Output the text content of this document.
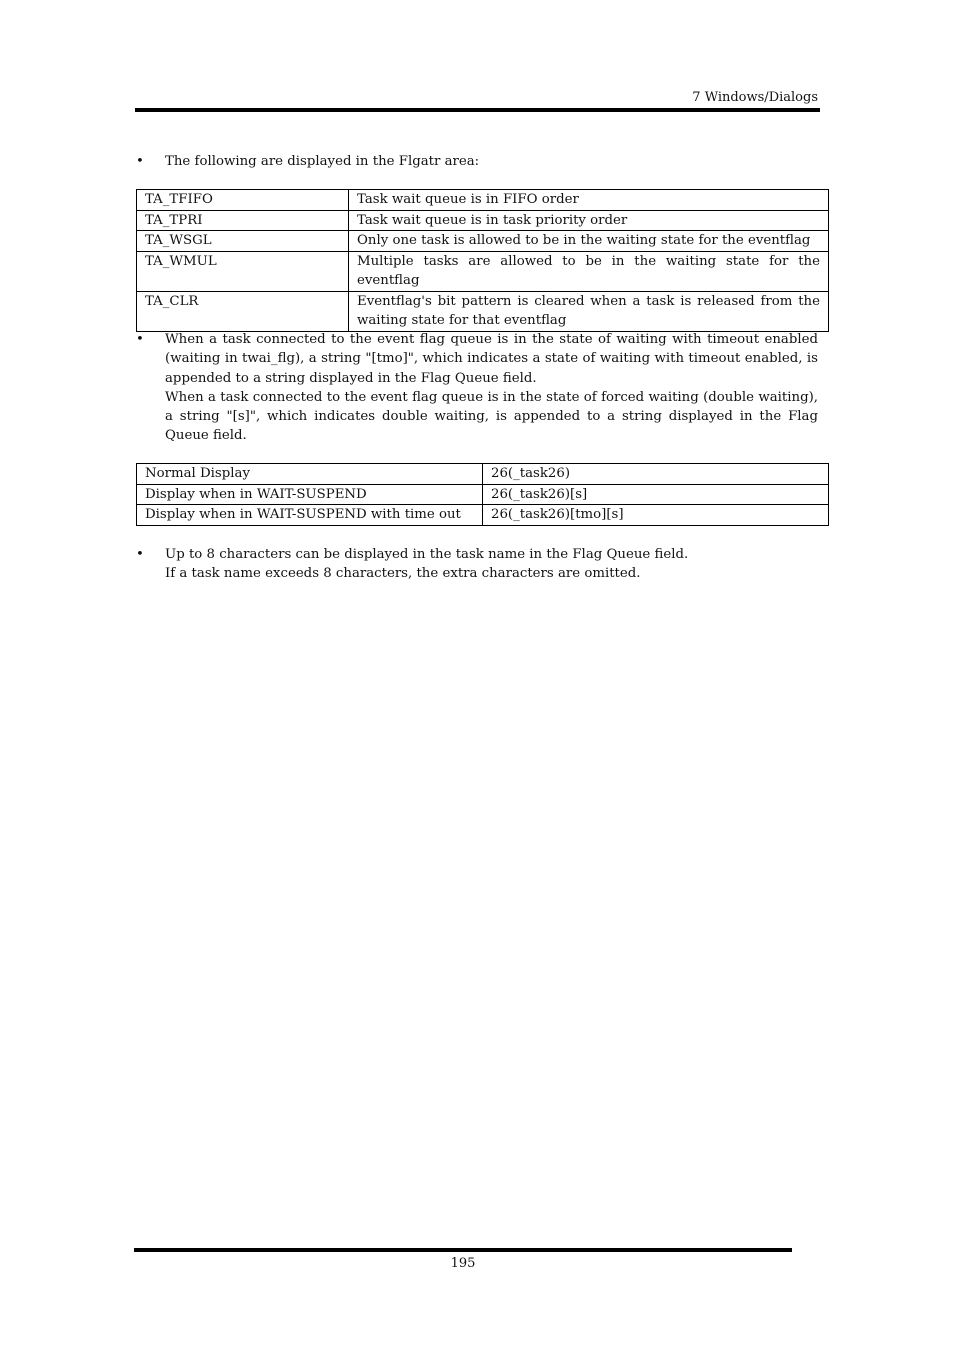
7 Windows/Dialogs
• The following are displayed in the Flgatr area:
TA_TFIFO	Task wait queue is in FIFO order
TA_TPRI	Task wait queue is in task priority order
TA_WSGL	Only one task is allowed to be in the waiting state for the eventflag
TA_WMUL	Multiple tasks are allowed to be in the waiting state for the eventflag
TA_CLR	Eventflag's bit pattern is cleared when a task is released from the waiting state for that eventflag
• When a task connected to the event flag queue is in the state of waiting with timeout enabled (waiting in twai_flg), a string "[tmo]", which indicates a state of waiting with timeout enabled, is appended to a string displayed in the Flag Queue field.

When a task connected to the event flag queue is in the state of forced waiting (double waiting), a string "[s]", which indicates double waiting, is appended to a string displayed in the Flag Queue field.

Normal Display	26(_task26)
Display when in WAIT-SUSPEND	26(_task26)[s]
Display when in WAIT-SUSPEND with time out	26(_task26)[tmo][s]
• Up to 8 characters can be displayed in the task name in the Flag Queue field.

If a task name exceeds 8 characters, the extra characters are omitted.

195
